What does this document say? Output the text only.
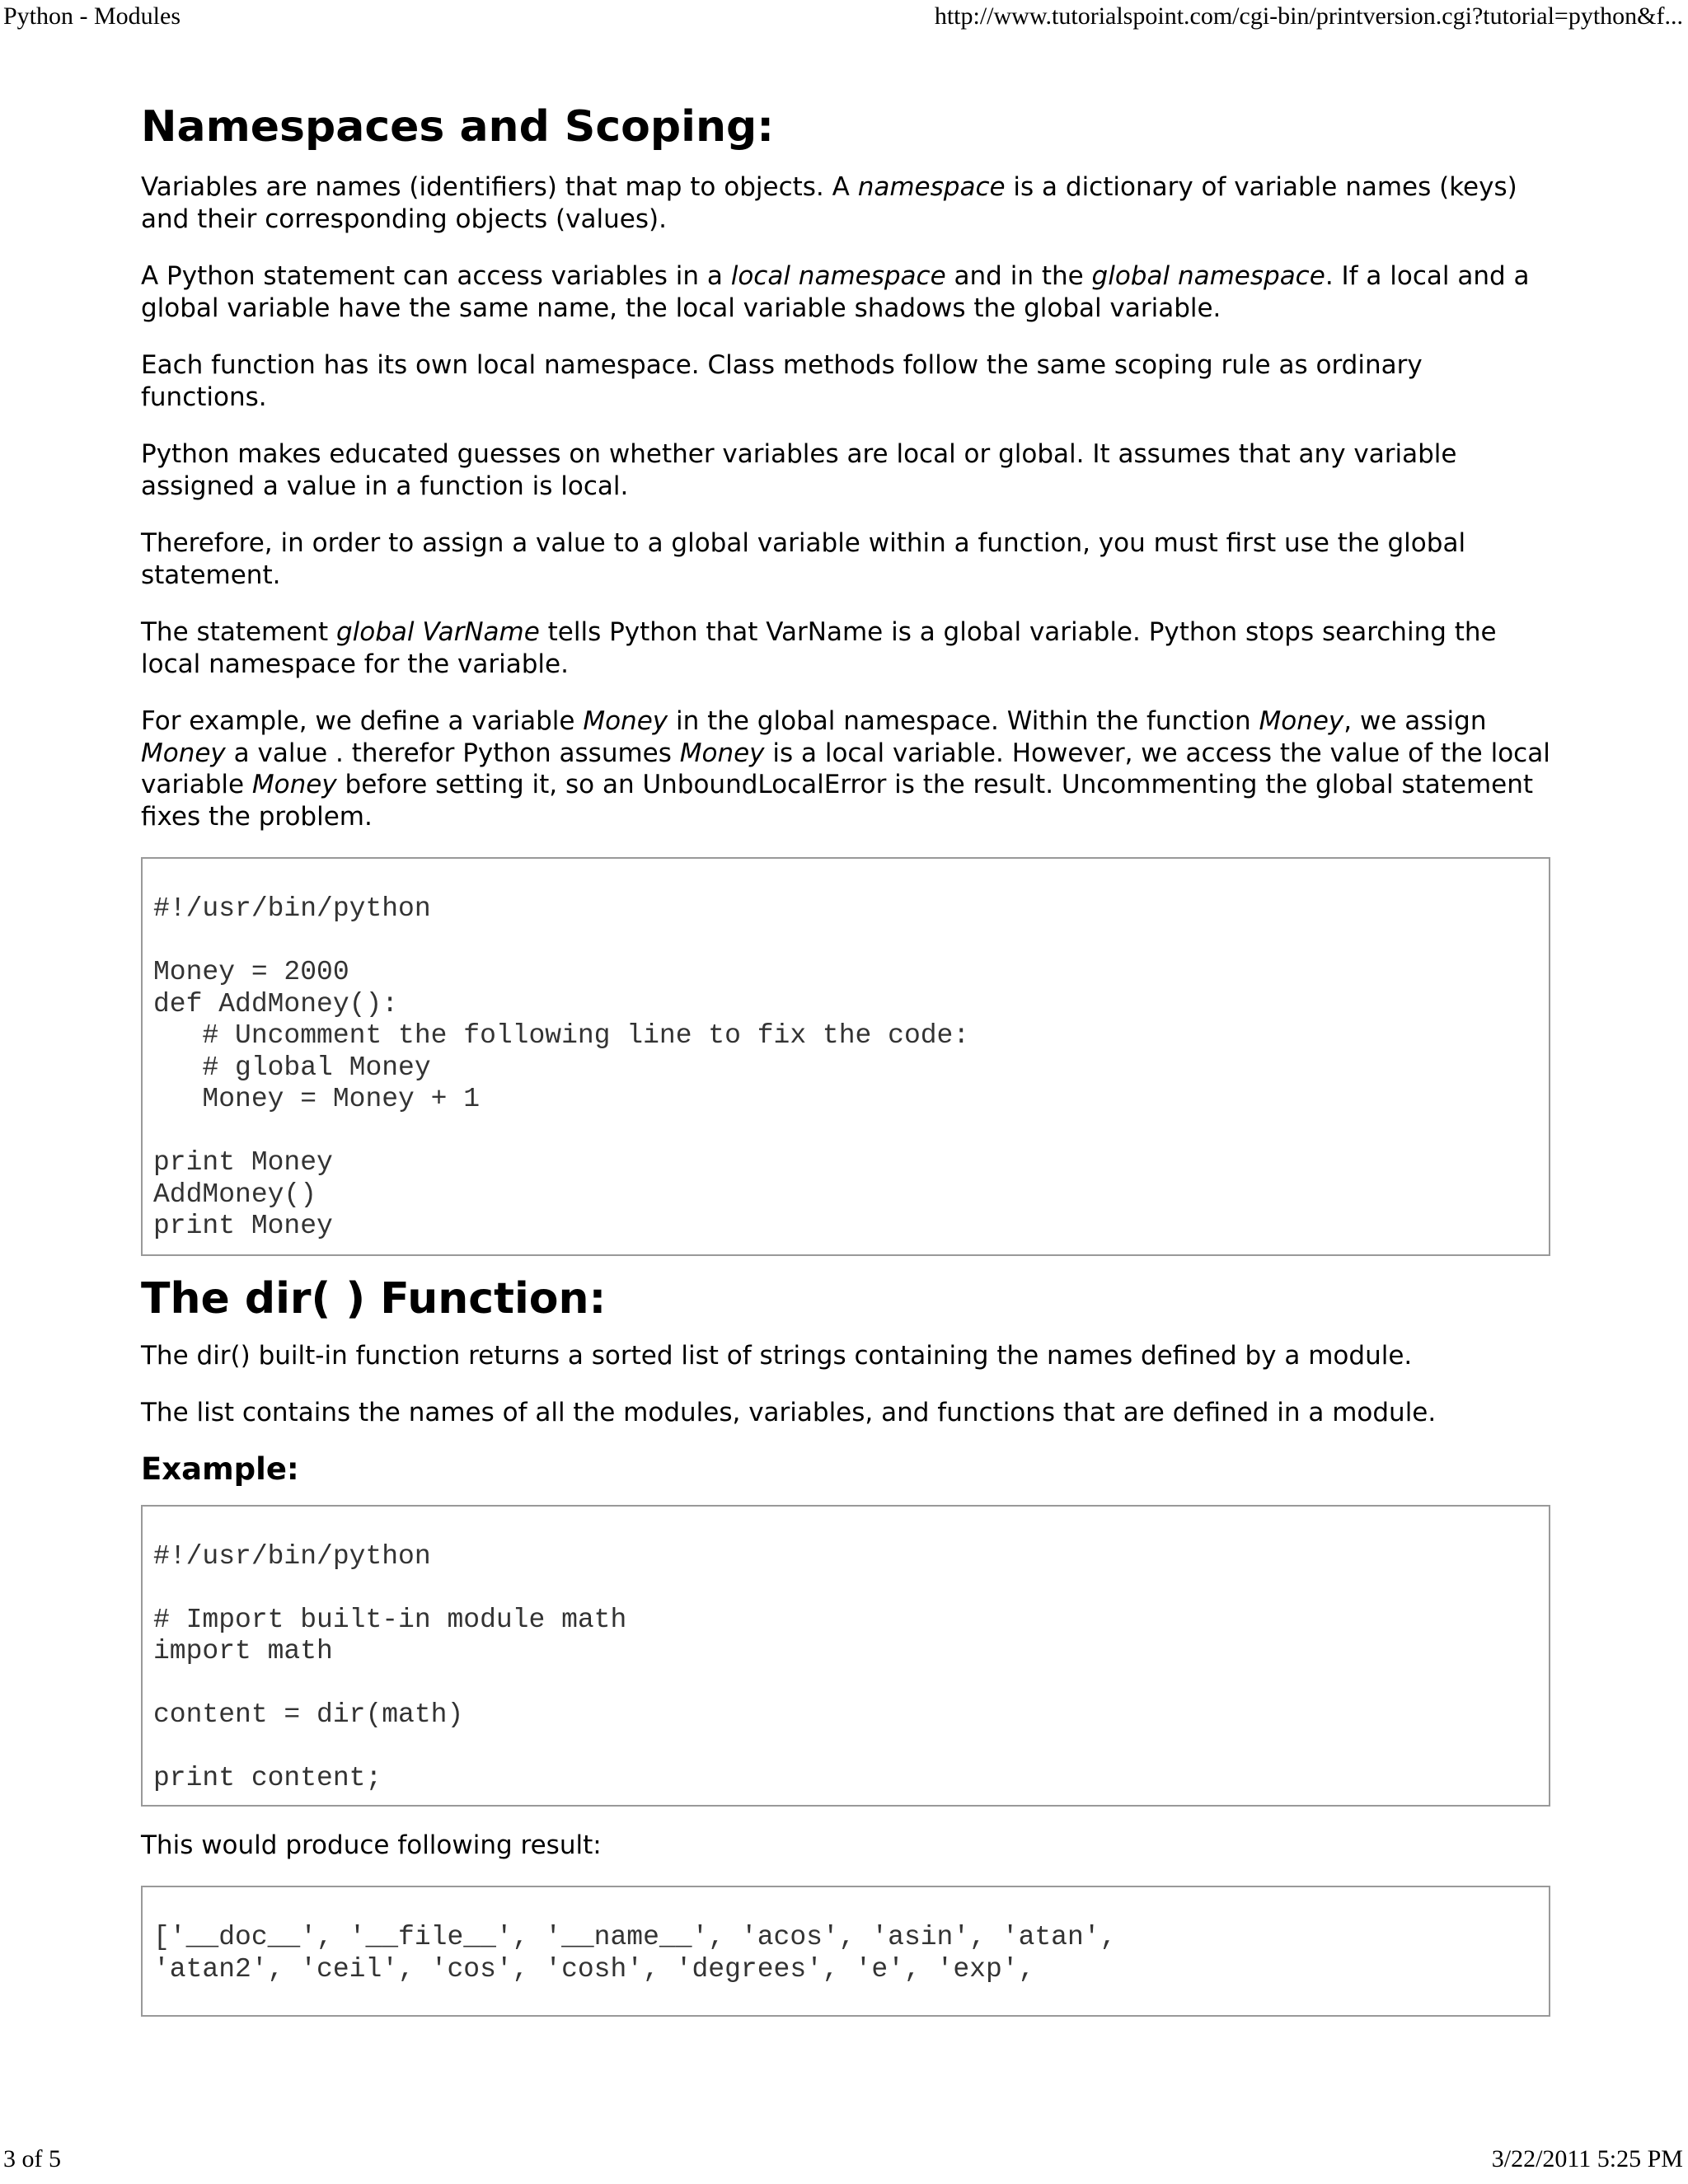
Python - Modules	http://www.tutorialspoint.com/cgi-bin/printversion.cgi?tutorial=python&f...
Namespaces and Scoping:

Variables are names (identifiers) that map to objects. A namespace is a dictionary of variable names (keys) and their corresponding objects (values).

A Python statement can access variables in a local namespace and in the global namespace. If a local and a global variable have the same name, the local variable shadows the global variable.

Each function has its own local namespace. Class methods follow the same scoping rule as ordinary functions.

Python makes educated guesses on whether variables are local or global. It assumes that any variable assigned a value in a function is local.

Therefore, in order to assign a value to a global variable within a function, you must first use the global statement.

The statement global VarName tells Python that VarName is a global variable. Python stops searching the local namespace for the variable.

For example, we define a variable Money in the global namespace. Within the function Money, we assign Money a value . therefor Python assumes Money is a local variable. However, we access the value of the local variable Money before setting it, so an UnboundLocalError is the result. Uncommenting the global statement fixes the problem.

#!/usr/bin/python

Money = 2000
def AddMoney():
# Uncomment the following line to fix the code:
# global Money
Money = Money + 1

print Money
AddMoney()
print Money
The dir( ) Function:

The dir() built-in function returns a sorted list of strings containing the names defined by a module.

The list contains the names of all the modules, variables, and functions that are defined in a module.

Example:
#!/usr/bin/python

# Import built-in module math
import math

content = dir(math)

print content;

This would produce following result:

['__doc__', '__file__', '__name__', 'acos', 'asin', 'atan',
'atan2', 'ceil', 'cos', 'cosh', 'degrees', 'e', 'exp',
3 of 5	3/22/2011 5:25 PM
